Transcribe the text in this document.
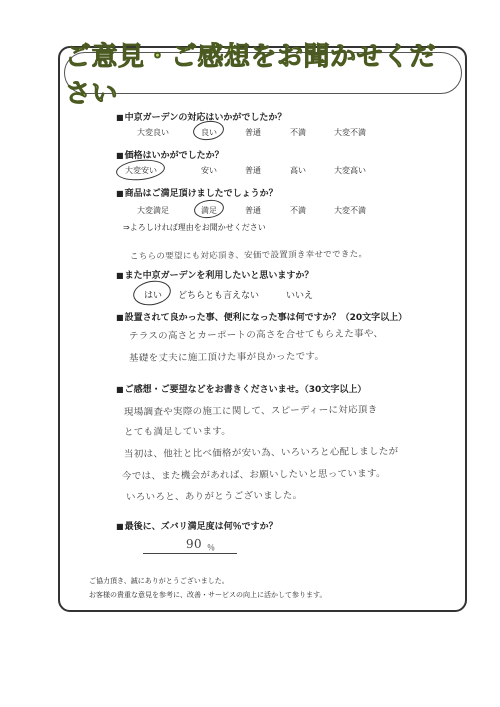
ご意見・ご感想をお聞かせください
■中京ガーデンの対応はいかがでしたか？
大変良い	良い	普通	不満	大変不満
■価格はいかがでしたか？
大変安い	安い	普通	高い	大変高い
■商品はご満足頂けましたでしょうか？
大変満足	満足	普通	不満	大変不満
⇒よろしければ理由をお聞かせください
こちらの要望にも対応頂き、安価で設置頂き幸せでできた。
■また中京ガーデンを利用したいと思いますか？
はい どちらとも言えない	いいえ
■設置されて良かった事、便利になった事は何ですか？（20文字以上）
テラスの高さとカーポートの高さを合せてもらえた事や、
基礎を丈夫に施工頂けた事が良かったです。
■ご感想・ご要望などをお書きくださいませ。（30文字以上）
現場調査や実際の施工に関して、スピーディーに対応頂き
とても満足しています。
当初は、他社と比べ価格が安い為、いろいろと心配しましたが
今では、また機会があれば、お願いしたいと思っています。
いろいろと、ありがとうございました。
■最後に、ズバリ満足度は何％ですか？
90 ％
ご協力頂き、誠にありがとうございました。
お客様の貴重な意見を参考に、改善・サービスの向上に活かして参ります。
